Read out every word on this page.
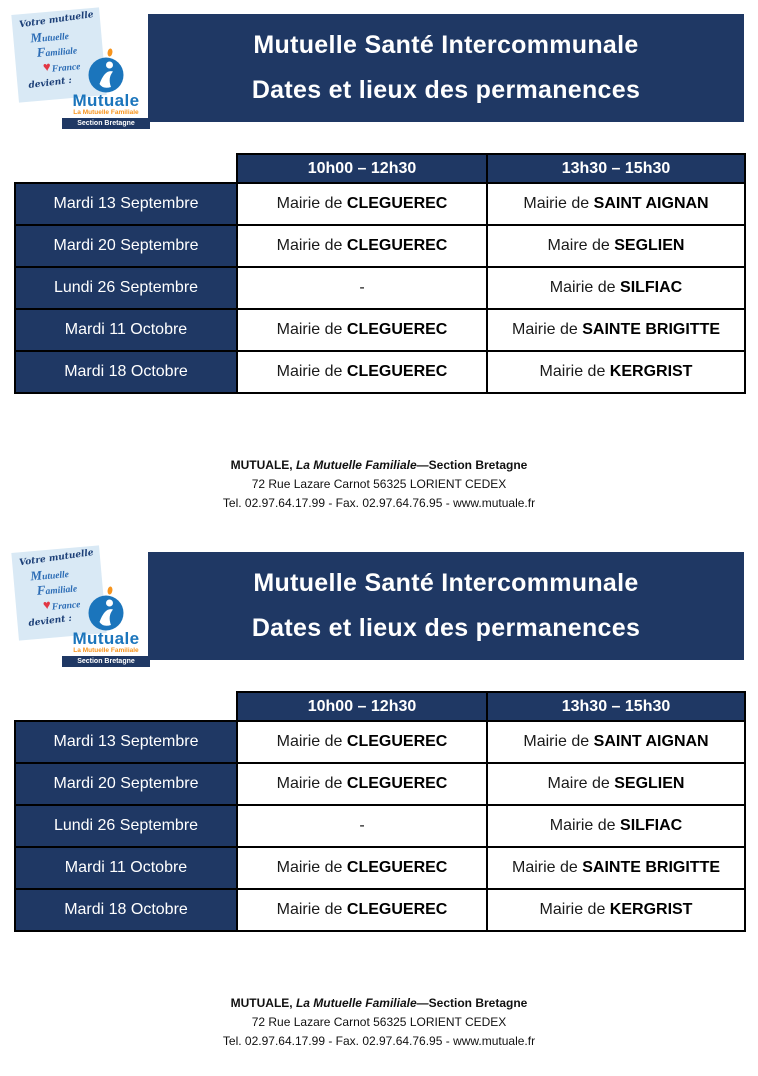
Votre mutuelle
Mutuelle
Familiale
♥France
devient :
Mutuale
La Mutuelle Familiale
Section Bretagne
Mutuelle Santé Intercommunale
Dates et lieux des permanences
	10h00 – 12h30	13h30 – 15h30
Mardi 13 Septembre	Mairie de CLEGUEREC	Mairie de SAINT AIGNAN
Mardi 20 Septembre	Mairie de CLEGUEREC	Maire de SEGLIEN
Lundi 26 Septembre	-	Mairie de SILFIAC
Mardi 11 Octobre	Mairie de CLEGUEREC	Mairie de SAINTE BRIGITTE
Mardi 18 Octobre	Mairie de CLEGUEREC	Mairie de KERGRIST
MUTUALE, La Mutuelle Familiale—Section Bretagne
72 Rue Lazare Carnot 56325 LORIENT CEDEX
Tel. 02.97.64.17.99 - Fax. 02.97.64.76.95 - www.mutuale.fr
Votre mutuelle
Mutuelle
Familiale
♥France
devient :
Mutuale
La Mutuelle Familiale
Section Bretagne
Mutuelle Santé Intercommunale
Dates et lieux des permanences
	10h00 – 12h30	13h30 – 15h30
Mardi 13 Septembre	Mairie de CLEGUEREC	Mairie de SAINT AIGNAN
Mardi 20 Septembre	Mairie de CLEGUEREC	Maire de SEGLIEN
Lundi 26 Septembre	-	Mairie de SILFIAC
Mardi 11 Octobre	Mairie de CLEGUEREC	Mairie de SAINTE BRIGITTE
Mardi 18 Octobre	Mairie de CLEGUEREC	Mairie de KERGRIST
MUTUALE, La Mutuelle Familiale—Section Bretagne
72 Rue Lazare Carnot 56325 LORIENT CEDEX
Tel. 02.97.64.17.99 - Fax. 02.97.64.76.95 - www.mutuale.fr
